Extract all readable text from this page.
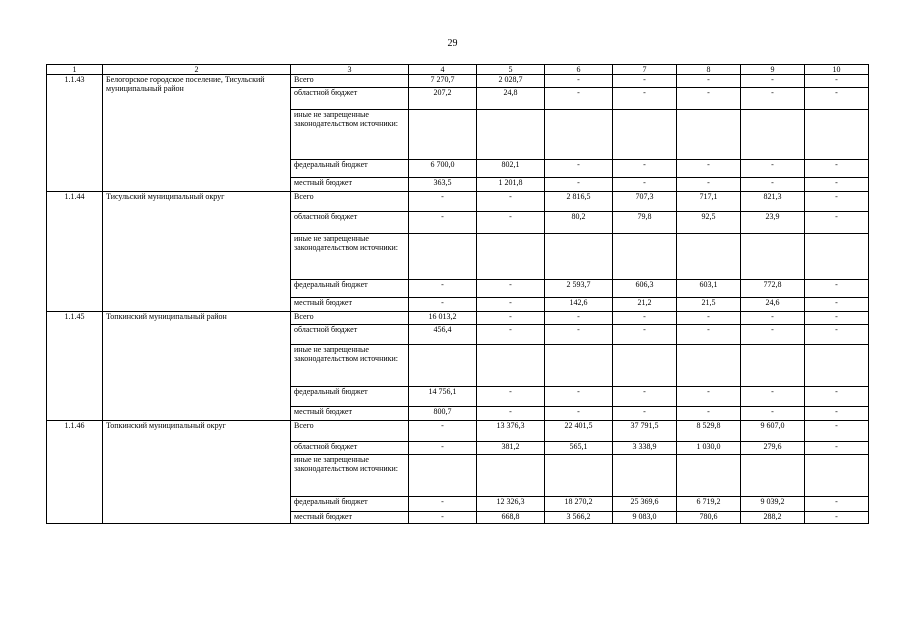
29
1	2	3	4	5	6	7	8	9	10
1.1.43	Белогорское городское поселение, Тисульский муниципальный район	Всего	7 270,7	2 028,7	-	-	-	-	-
		областной бюджет	207,2	24,8	-	-	-	-	-
		иные не запрещенные законодательством источники:							
		федеральный бюджет	6 700,0	802,1	-	-	-	-	-
		местный бюджет	363,5	1 201,8	-	-	-	-	-
1.1.44	Тисульский муниципальный округ	Всего	-	-	2 816,5	707,3	717,1	821,3	-
		областной бюджет	-	-	80,2	79,8	92,5	23,9	-
		иные не запрещенные законодательством источники:							
		федеральный бюджет	-	-	2 593,7	606,3	603,1	772,8	-
		местный бюджет	-	-	142,6	21,2	21,5	24,6	-
1.1.45	Топкинский муниципальный район	Всего	16 013,2	-	-	-	-	-	-
		областной бюджет	456,4	-	-	-	-	-	-
		иные не запрещенные законодательством источники:							
		федеральный бюджет	14 756,1	-	-	-	-	-	-
		местный бюджет	800,7	-	-	-	-	-	-
1.1.46	Топкинский муниципальный округ	Всего	-	13 376,3	22 401,5	37 791,5	8 529,8	9 607,0	-
		областной бюджет	-	381,2	565,1	3 338,9	1 030,0	279,6	-
		иные не запрещенные законодательством источники:							
		федеральный бюджет	-	12 326,3	18 270,2	25 369,6	6 719,2	9 039,2	-
		местный бюджет	-	668,8	3 566,2	9 083,0	780,6	288,2	-
